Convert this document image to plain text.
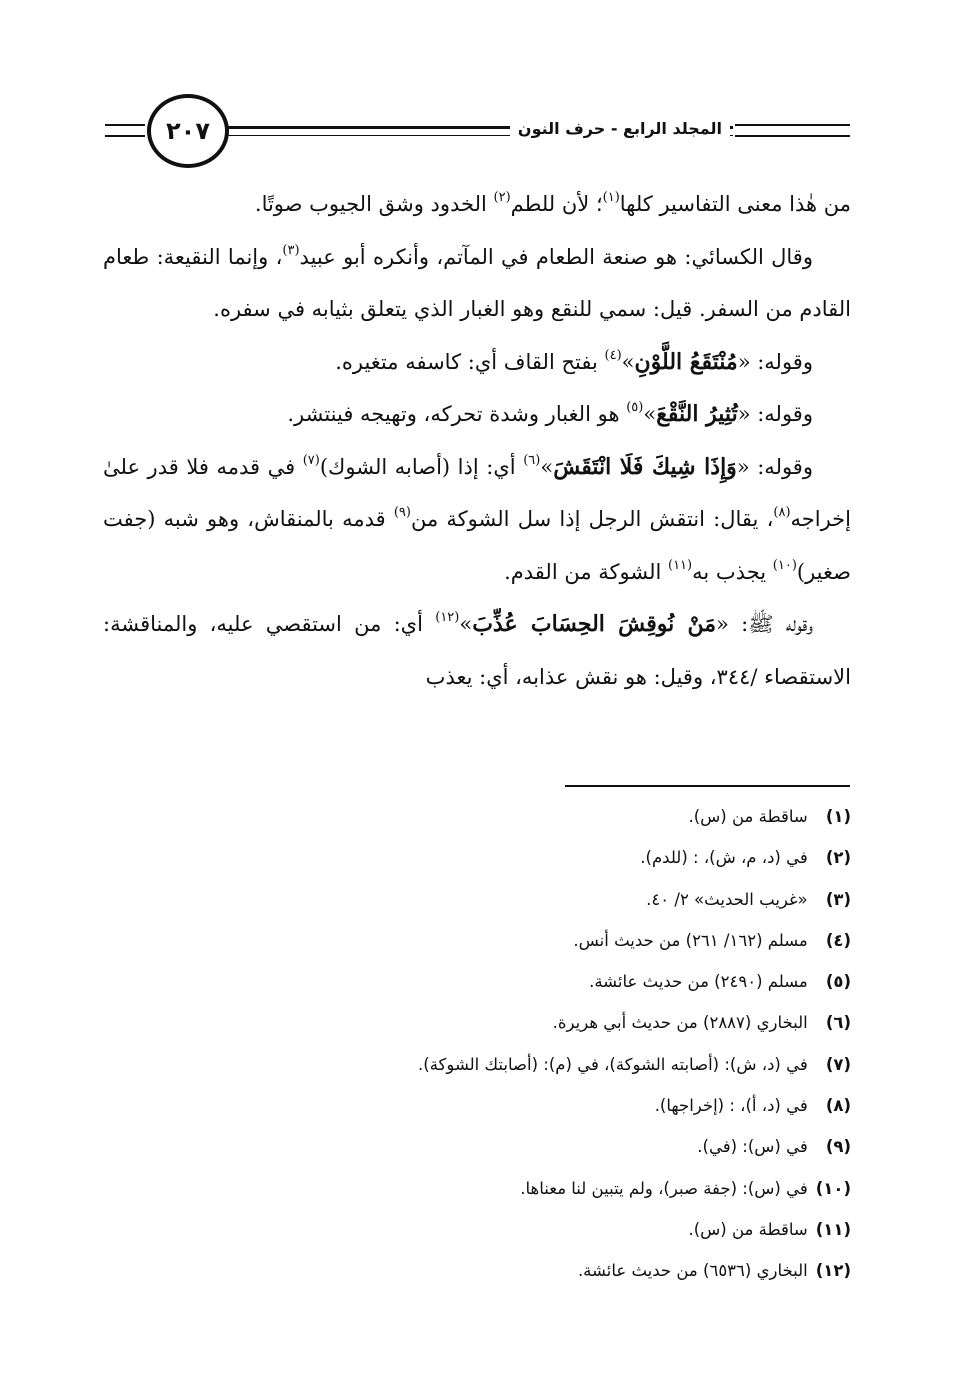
٢٠٧	المجلد الرابع - حرف النون

من هٰذا معنى التفاسير كلها$^{(١)}$؛ لأن للطم$^{(٢)}$ الخدود وشق الجيوب صوتًا.

وقال الكسائي: هو صنعة الطعام في المآتم، وأنكره أبو عبيد$^{(٣)}$، وإنما النقيعة: طعام القادم من السفر. قيل: سمي للنقع وهو الغبار الذي يتعلق بثيابه في سفره.

وقوله: «مُنْتَقَعُ اللَّوْنِ»$^{(٤)}$ بفتح القاف أي: كاسفه متغيره.

وقوله: «تُثِيرُ النَّقْعَ»$^{(٥)}$ هو الغبار وشدة تحركه، وتهيجه فينتشر.

وقوله: «وَإِذَا شِيكَ فَلَا انْتَقَشَ»$^{(٦)}$ أي: إذا (أصابه الشوك)$^{(٧)}$ في قدمه فلا قدر علىٰ إخراجه$^{(٨)}$، يقال: انتقش الرجل إذا سل الشوكة من$^{(٩)}$ قدمه بالمنقاش، وهو شبه (جفت صغير)$^{(١٠)}$ يجذب به$^{(١١)}$ الشوكة من القدم.

وقوله ﷺ: «مَنْ نُوقِشَ الحِسَابَ عُذِّبَ»$^{(١٢)}$ أي: من استقصي عليه، والمناقشة: الاستقصاء /٣٤٤، وقيل: هو نقش عذابه، أي: يعذب

(١) ساقطة من (س).
(٢) في (د، م، ش)، : (للدم).
(٣) «غريب الحديث» ٢/ ٤٠.
(٤) مسلم (١٦٢/ ٢٦١) من حديث أنس.
(٥) مسلم (٢٤٩٠) من حديث عائشة.
(٦) البخاري (٢٨٨٧) من حديث أبي هريرة.
(٧) في (د، ش): (أصابته الشوكة)، في (م): (أصابتك الشوكة).
(٨) في (د، أ)، : (إخراجها).
(٩) في (س): (في).
(١٠) في (س): (جفة صبر)، ولم يتبين لنا معناها.
(١١) ساقطة من (س).
(١٢) البخاري (٦٥٣٦) من حديث عائشة.
